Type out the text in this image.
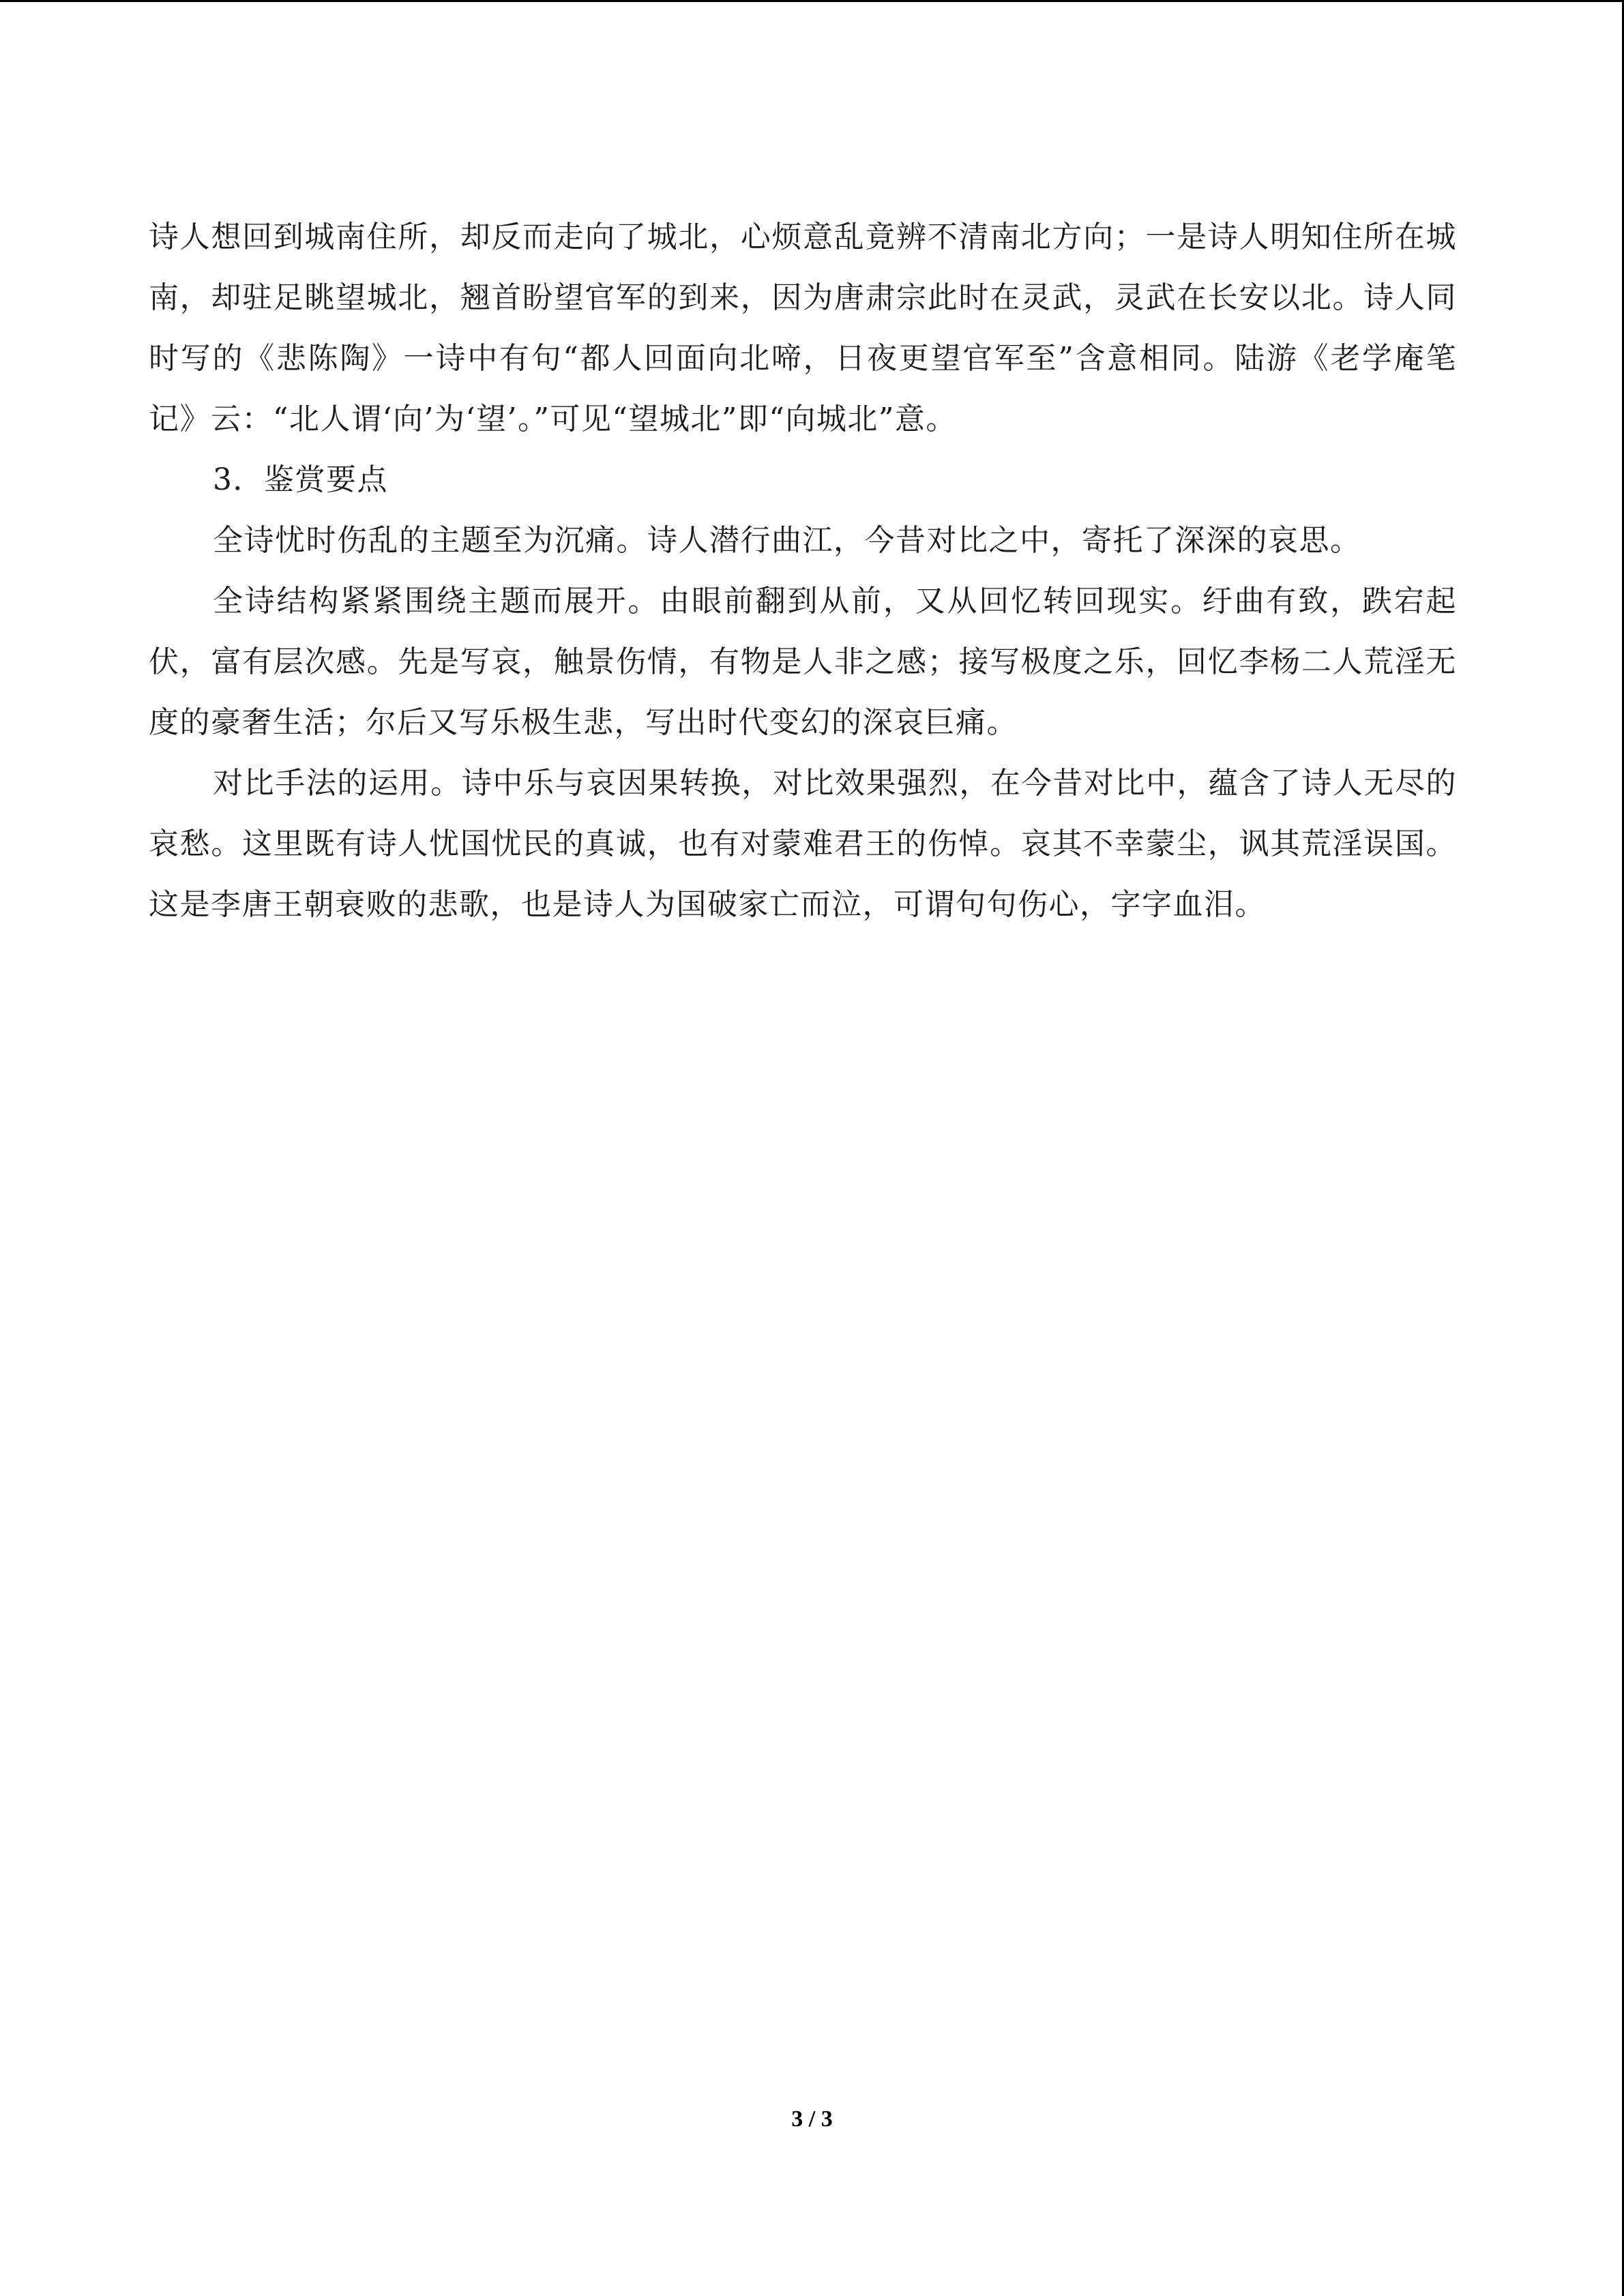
诗人想回到城南住所，却反而走向了城北，心烦意乱竟辨不清南北方向；一是诗人明知住所在城南，却驻足眺望城北，翘首盼望官军的到来，因为唐肃宗此时在灵武，灵武在长安以北。诗人同时写的《悲陈陶》一诗中有句“都人回面向北啼，日夜更望官军至”含意相同。陆游《老学庵笔记》云：“北人谓‘向’为‘望’。”可见“望城北”即“向城北”意。

3．鉴赏要点

全诗忧时伤乱的主题至为沉痛。诗人潜行曲江，今昔对比之中，寄托了深深的哀思。

全诗结构紧紧围绕主题而展开。由眼前翻到从前，又从回忆转回现实。纡曲有致，跌宕起伏，富有层次感。先是写哀，触景伤情，有物是人非之感；接写极度之乐，回忆李杨二人荒淫无度的豪奢生活；尔后又写乐极生悲，写出时代变幻的深哀巨痛。

对比手法的运用。诗中乐与哀因果转换，对比效果强烈，在今昔对比中，蕴含了诗人无尽的哀愁。这里既有诗人忧国忧民的真诚，也有对蒙难君王的伤悼。哀其不幸蒙尘，讽其荒淫误国。这是李唐王朝衰败的悲歌，也是诗人为国破家亡而泣，可谓句句伤心，字字血泪。

3 / 3
